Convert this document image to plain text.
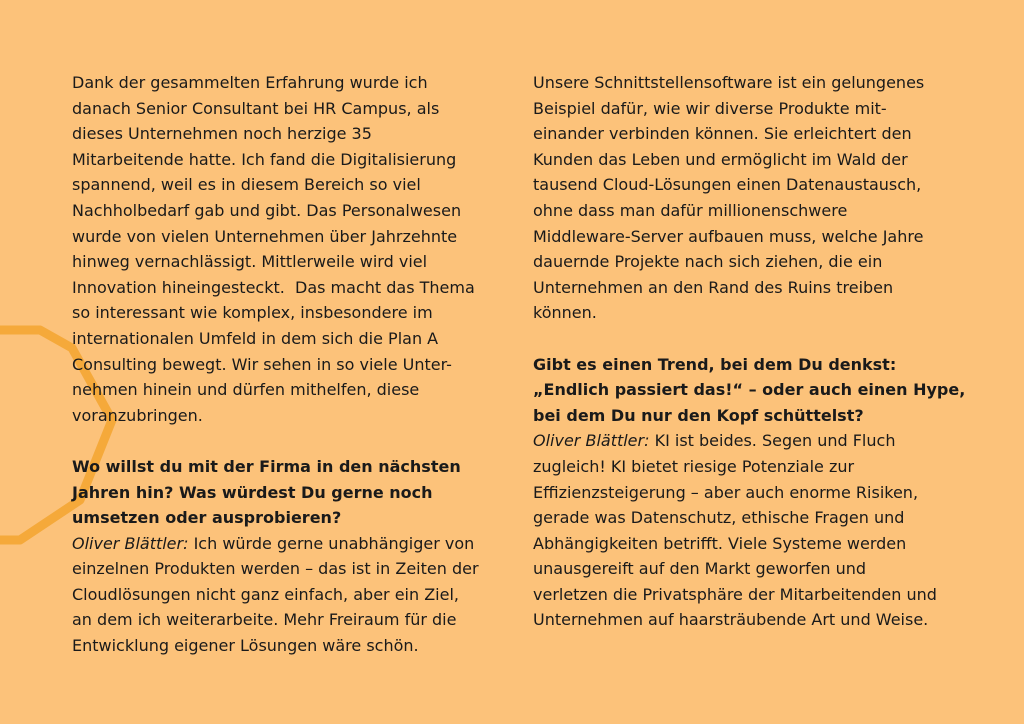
Dank der gesammelten Erfahrung wurde ich
danach Senior Consultant bei HR Campus, als
dieses Unternehmen noch herzige 35
Mitarbeitende hatte. Ich fand die Digitalisierung
spannend, weil es in diesem Bereich so viel
Nachholbedarf gab und gibt. Das Personalwesen
wurde von vielen Unternehmen über Jahrzehnte
hinweg vernachlässigt. Mittlerweile wird viel
Innovation hineingesteckt.  Das macht das Thema
so interessant wie komplex, insbesondere im
internationalen Umfeld in dem sich die Plan A
Consulting bewegt. Wir sehen in so viele Unter-
nehmen hinein und dürfen mithelfen, diese
voranzubringen.
Wo willst du mit der Firma in den nächsten
Jahren hin? Was würdest Du gerne noch
umsetzen oder ausprobieren?
Oliver Blättler: Ich würde gerne unabhängiger von
einzelnen Produkten werden – das ist in Zeiten der
Cloudlösungen nicht ganz einfach, aber ein Ziel,
an dem ich weiterarbeite. Mehr Freiraum für die
Entwicklung eigener Lösungen wäre schön.
Unsere Schnittstellensoftware ist ein gelungenes
Beispiel dafür, wie wir diverse Produkte mit-
einander verbinden können. Sie erleichtert den
Kunden das Leben und ermöglicht im Wald der
tausend Cloud-Lösungen einen Datenaustausch,
ohne dass man dafür millionenschwere
Middleware-Server aufbauen muss, welche Jahre
dauernde Projekte nach sich ziehen, die ein
Unternehmen an den Rand des Ruins treiben
können.
Gibt es einen Trend, bei dem Du denkst:
„Endlich passiert das!“ – oder auch einen Hype,
bei dem Du nur den Kopf schüttelst?
Oliver Blättler: KI ist beides. Segen und Fluch
zugleich! KI bietet riesige Potenziale zur
Effizienzsteigerung – aber auch enorme Risiken,
gerade was Datenschutz, ethische Fragen und
Abhängigkeiten betrifft. Viele Systeme werden
unausgereift auf den Markt geworfen und
verletzen die Privatsphäre der Mitarbeitenden und
Unternehmen auf haarsträubende Art und Weise.
